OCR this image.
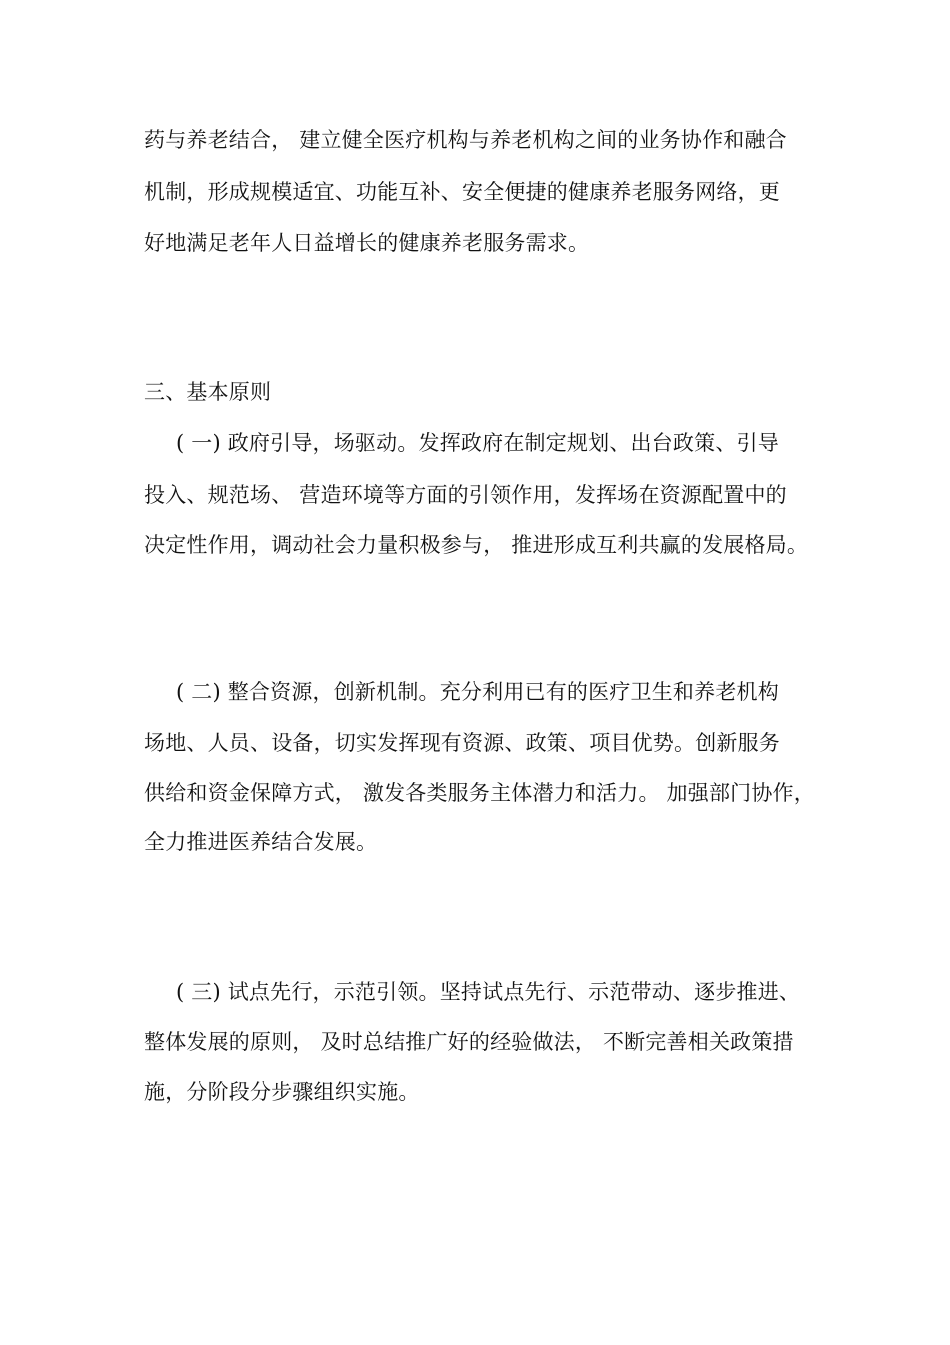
药与养老结合， 建立健全医疗机构与养老机构之间的业务协作和融合
机制，形成规模适宜、功能互补、安全便捷的健康养老服务网络，更
好地满足老年人日益增长的健康养老服务需求。
三、基本原则
( 一) 政府引导，场驱动。发挥政府在制定规划、出台政策、引导
投入、规范场、 营造环境等方面的引领作用，发挥场在资源配置中的
决定性作用，调动社会力量积极参与， 推进形成互利共赢的发展格局。
( 二) 整合资源，创新机制。充分利用已有的医疗卫生和养老机构
场地、人员、设备，切实发挥现有资源、政策、项目优势。创新服务
供给和资金保障方式， 激发各类服务主体潜力和活力。 加强部门协作，
全力推进医养结合发展。
( 三) 试点先行，示范引领。坚持试点先行、示范带动、逐步推进、
整体发展的原则， 及时总结推广好的经验做法， 不断完善相关政策措
施，分阶段分步骤组织实施。
